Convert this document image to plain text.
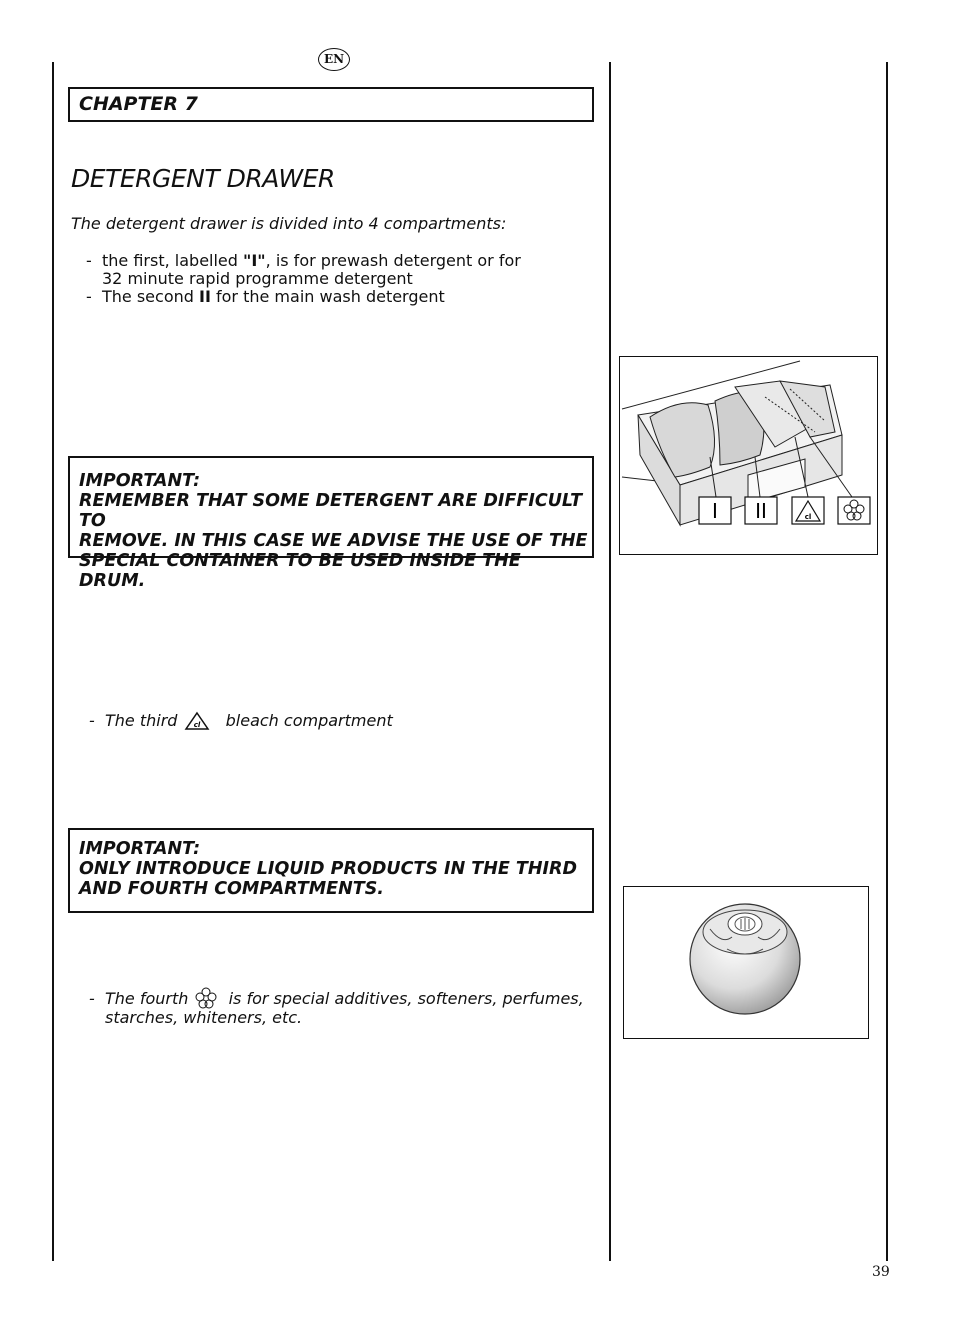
EN
CHAPTER 7
DETERGENT DRAWER
The detergent drawer is divided into 4 compartments:
- the first, labelled "I", is for prewash detergent or for
32 minute rapid programme detergent
- The second II for the main wash detergent
IMPORTANT:
REMEMBER THAT SOME DETERGENT ARE DIFFICULT TO
REMOVE. IN THIS CASE WE ADVISE THE USE OF THE
SPECIAL CONTAINER TO BE USED INSIDE THE DRUM.
- The third cl bleach compartment
IMPORTANT:
ONLY INTRODUCE LIQUID PRODUCTS IN THE THIRD
AND FOURTH COMPARTMENTS.
- The fourth	is for special additives, softeners, perfumes,
starches, whiteners, etc.
I II	cl
39
